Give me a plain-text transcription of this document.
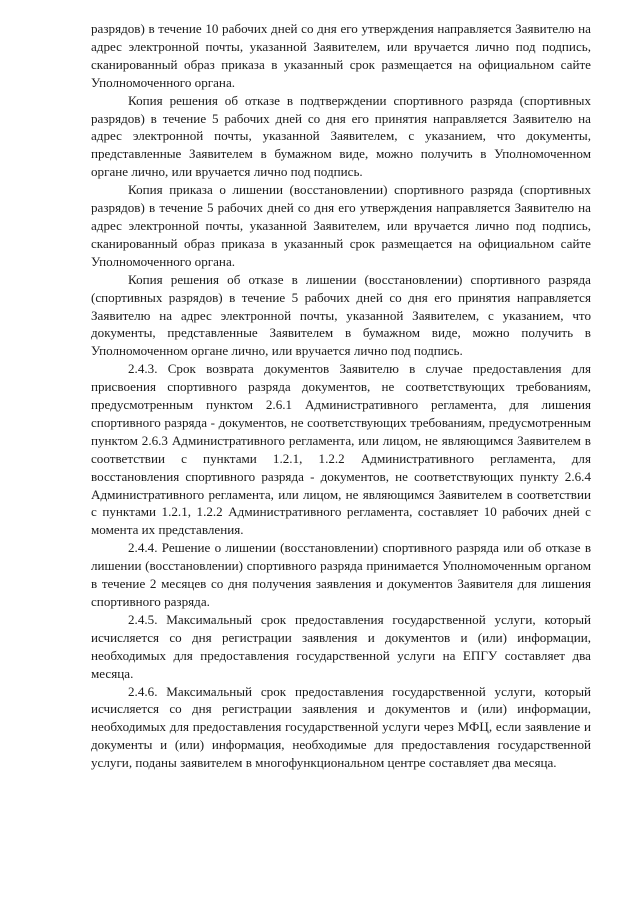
разрядов) в течение 10 рабочих дней со дня его утверждения направляется Заявителю на адрес электронной почты, указанной Заявителем, или вручается лично под подпись, сканированный образ приказа в указанный срок размещается на официальном сайте Уполномоченного органа.

Копия решения об отказе в подтверждении спортивного разряда (спортивных разрядов) в течение 5 рабочих дней со дня его принятия направляется Заявителю на адрес электронной почты, указанной Заявителем, с указанием, что документы, представленные Заявителем в бумажном виде, можно получить в Уполномоченном органе лично, или вручается лично под подпись.

Копия приказа о лишении (восстановлении) спортивного разряда (спортивных разрядов) в течение 5 рабочих дней со дня его утверждения направляется Заявителю на адрес электронной почты, указанной Заявителем, или вручается лично под подпись, сканированный образ приказа в указанный срок размещается на официальном сайте Уполномоченного органа.

Копия решения об отказе в лишении (восстановлении) спортивного разряда (спортивных разрядов) в течение 5 рабочих дней со дня его принятия направляется Заявителю на адрес электронной почты, указанной Заявителем, с указанием, что документы, представленные Заявителем в бумажном виде, можно получить в Уполномоченном органе лично, или вручается лично под подпись.

2.4.3. Срок возврата документов Заявителю в случае предоставления для присвоения спортивного разряда документов, не соответствующих требованиям, предусмотренным пунктом 2.6.1 Административного регламента, для лишения спортивного разряда - документов, не соответствующих требованиям, предусмотренным пунктом 2.6.3 Административного регламента, или лицом, не являющимся Заявителем в соответствии с пунктами 1.2.1, 1.2.2 Административного регламента, для восстановления спортивного разряда - документов, не соответствующих пункту 2.6.4 Административного регламента, или лицом, не являющимся Заявителем в соответствии с пунктами 1.2.1, 1.2.2 Административного регламента, составляет 10 рабочих дней с момента их представления.

2.4.4. Решение о лишении (восстановлении) спортивного разряда или об отказе в лишении (восстановлении) спортивного разряда принимается Уполномоченным органом в течение 2 месяцев со дня получения заявления и документов Заявителя для лишения спортивного разряда.

2.4.5. Максимальный срок предоставления государственной услуги, который исчисляется со дня регистрации заявления и документов и (или) информации, необходимых для предоставления государственной услуги на ЕПГУ составляет два месяца.

2.4.6. Максимальный срок предоставления государственной услуги, который исчисляется со дня регистрации заявления и документов и (или) информации, необходимых для предоставления государственной услуги через МФЦ, если заявление и документы и (или) информация, необходимые для предоставления государственной услуги, поданы заявителем в многофункциональном центре составляет два месяца.
